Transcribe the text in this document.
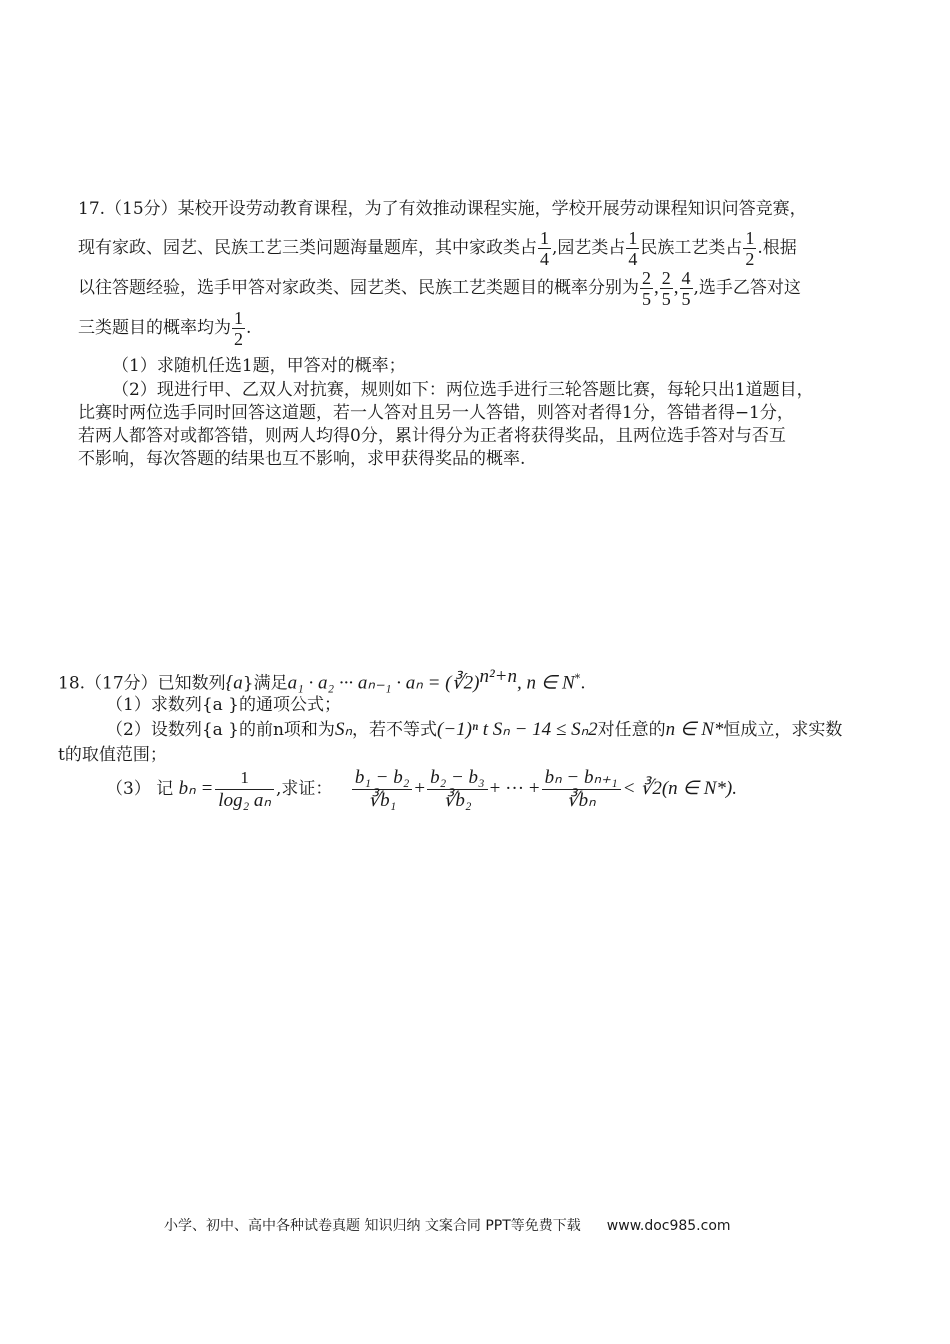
17.（15分）某校开设劳动教育课程，为了有效推动课程实施，学校开展劳动课程知识问答竞赛，
现有家政、园艺、民族工艺三类问题海量题库，其中家政类占 $\frac{1}{4}$ ,园艺类占 $\frac{1}{4}$ 民族工艺类占 $\frac{1}{2}$ .根据
以往答题经验，选手甲答对家政类、园艺类、民族工艺类题目的概率分别为 $\frac{2}{5}$ , $\frac{2}{5}$ , $\frac{4}{5}$ ,选手乙答对这
三类题目的概率均为 $\frac{1}{2}$ .
（1）求随机任选1题，甲答对的概率；
（2）现进行甲、乙双人对抗赛，规则如下：两位选手进行三轮答题比赛，每轮只出1道题目，
比赛时两位选手同时回答这道题，若一人答对且另一人答错，则答对者得1分，答错者得−1分，
若两人都答对或都答错，则两人均得0分，累计得分为正者将获得奖品，且两位选手答对与否互
不影响，每次答题的结果也互不影响，求甲获得奖品的概率.
18.（17分）已知数列{a}满足a₁ · a₂ ··· aₙ₋₁ · aₙ = (∛2)$^{n^2+n}$, n ∈ N*.
（1）求数列{a }的通项公式；
（2）设数列{a }的前n项和为Sₙ，若不等式(−1)ⁿ t Sₙ − 14 ≤ Sₙ2对任意的n ∈ N*恒成立，求实数
t的取值范围；
（3） 记 $b_n = \frac{1}{\text{log₂ aₙ}}$ ,求证： $\frac{\text{b₁ − b₂}}{\text{∛b₁}} + \frac{\text{b₂ − b₃}}{\text{∛b₂}}$ + ··· + $\frac{\text{bₙ − bₙ₊₁}}{\text{∛bₙ}}$ < ∛2(n ∈ N*).
小学、初中、高中各种试卷真题 知识归纳 文案合同 PPT等免费下载 www.doc985.com
